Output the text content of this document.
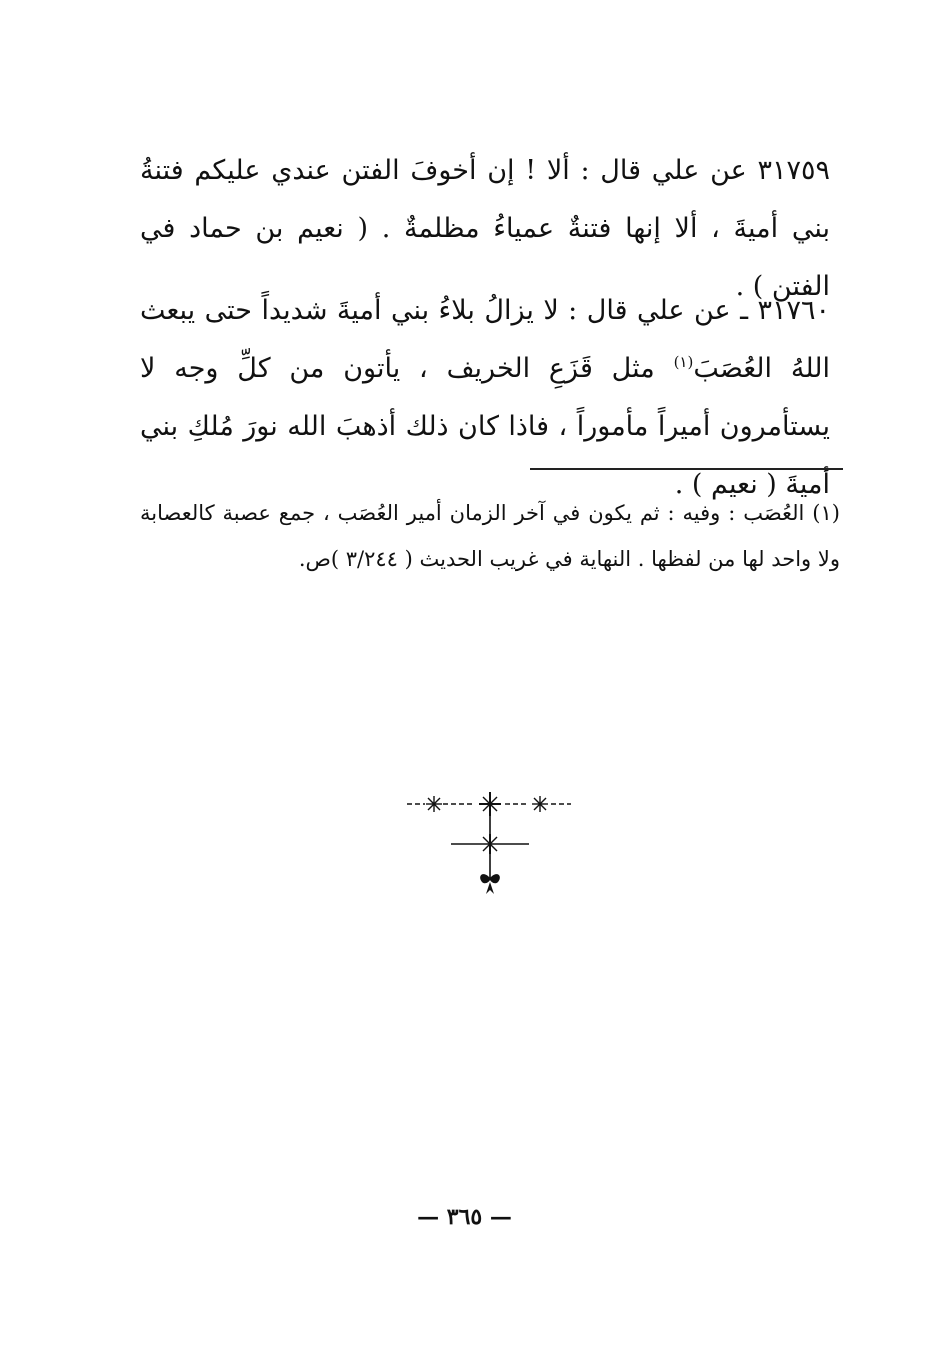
٣١٧٥٩ عن علي قال : ألا ! إن أخوفَ الفتن عندي عليكم فتنةُ بني أميةَ ، ألا إنها فتنةٌ عمياءُ مظلمةٌ . ( نعيم بن حماد في الفتن ) .

٣١٧٦٠ ـ عن علي قال : لا يزالُ بلاءُ بني أميةَ شديداً حتى يبعث اللهُ العُصَبَ$^{(١)}$ مثل قَزَعِ الخريف ، يأتون من كلِّ وجه لا يستأمرون أميراً مأموراً ، فاذا كان ذلك أذهبَ الله نورَ مُلكِ بني أميةَ ( نعيم ) .

(١) العُصَب : وفيه : ثم يكون في آخر الزمان أمير العُصَب ، جمع عصبة كالعصابة ولا واحد لها من لفظها . النهاية في غريب الحديث ( ٣/٢٤٤ )ص.

— ٣٦٥ —
